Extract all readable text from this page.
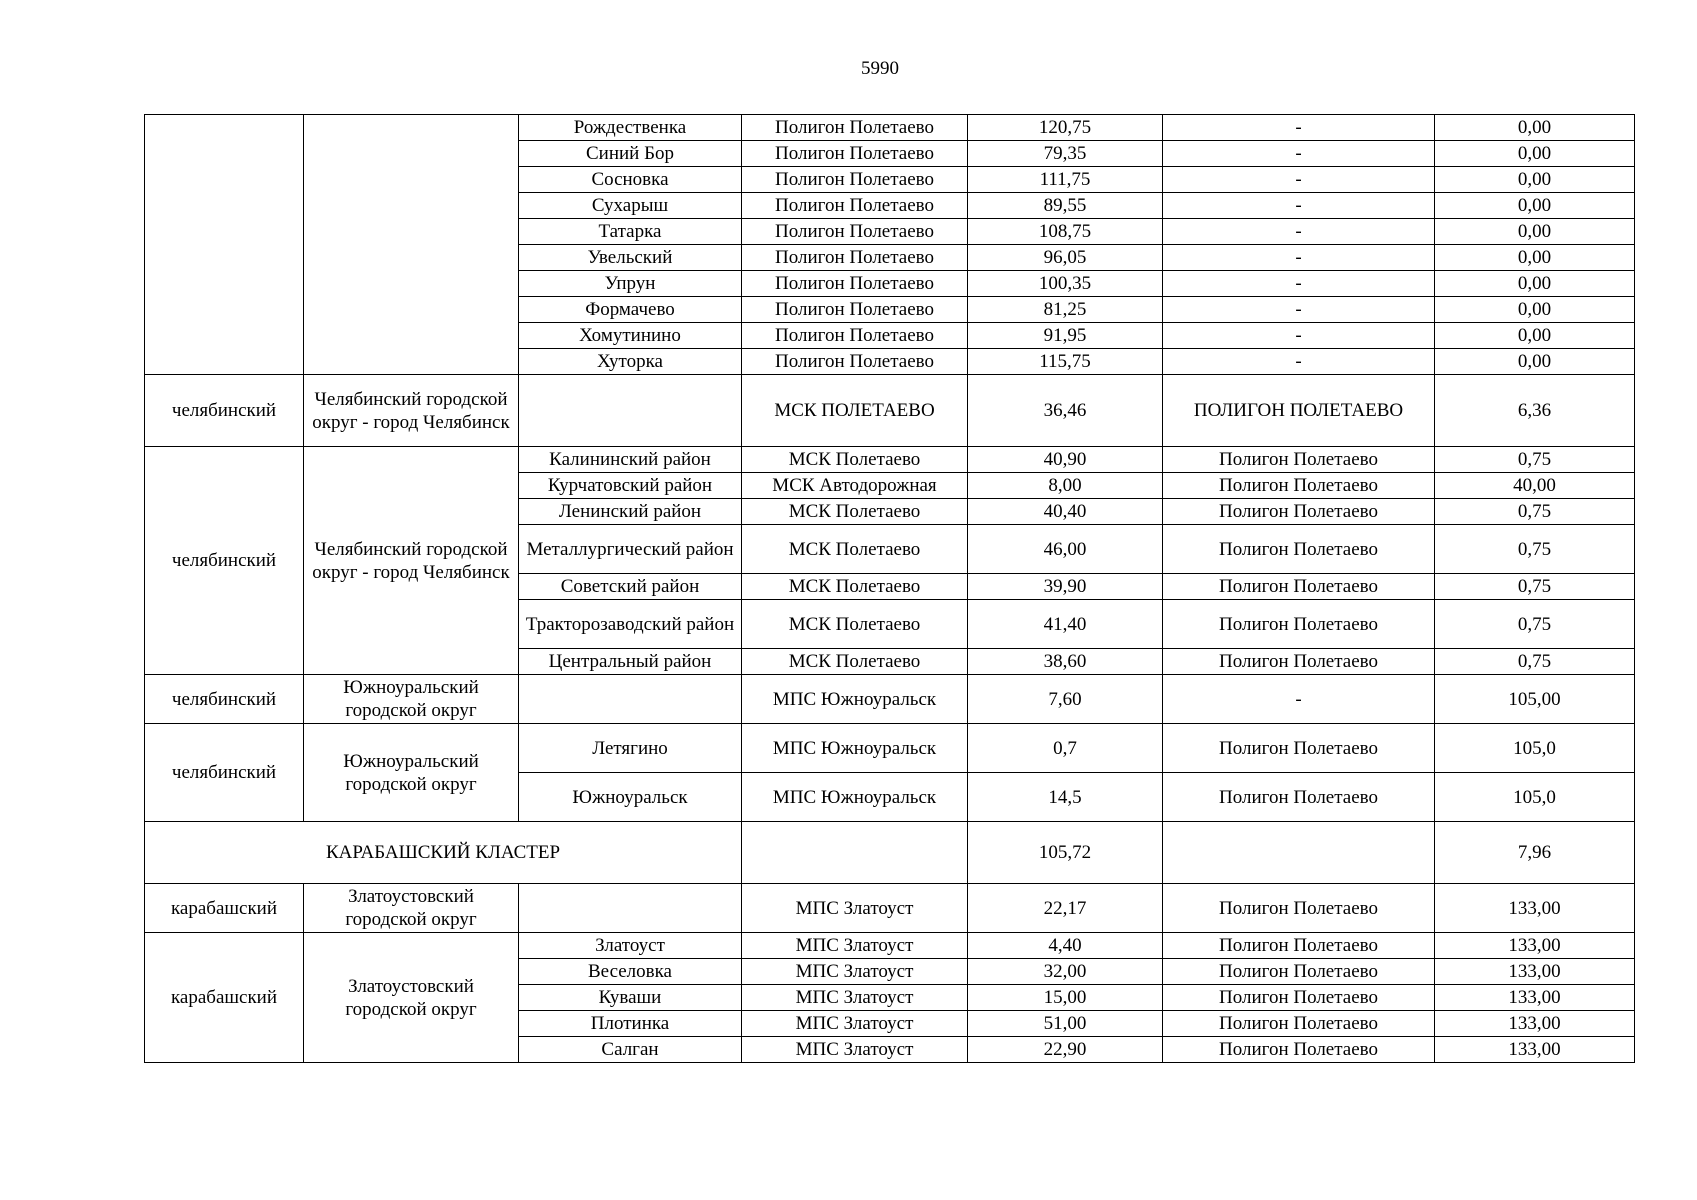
5990
		Рождественка	Полигон Полетаево	120,75	-	0,00
		Синий Бор	Полигон Полетаево	79,35	-	0,00
		Сосновка	Полигон Полетаево	111,75	-	0,00
		Сухарыш	Полигон Полетаево	89,55	-	0,00
		Татарка	Полигон Полетаево	108,75	-	0,00
		Увельский	Полигон Полетаево	96,05	-	0,00
		Упрун	Полигон Полетаево	100,35	-	0,00
		Формачево	Полигон Полетаево	81,25	-	0,00
		Хомутинино	Полигон Полетаево	91,95	-	0,00
		Хуторка	Полигон Полетаево	115,75	-	0,00
челябинский	Челябинский городской округ - город Челябинск		МСК ПОЛЕТАЕВО	36,46	ПОЛИГОН ПОЛЕТАЕВО	6,36
челябинский	Челябинский городской округ - город Челябинск	Калининский район	МСК Полетаево	40,90	Полигон Полетаево	0,75
		Курчатовский район	МСК Автодорожная	8,00	Полигон Полетаево	40,00
		Ленинский район	МСК Полетаево	40,40	Полигон Полетаево	0,75
		Металлургический район	МСК Полетаево	46,00	Полигон Полетаево	0,75
		Советский район	МСК Полетаево	39,90	Полигон Полетаево	0,75
		Тракторозаводский район	МСК Полетаево	41,40	Полигон Полетаево	0,75
		Центральный район	МСК Полетаево	38,60	Полигон Полетаево	0,75
челябинский	Южноуральский городской округ		МПС Южноуральск	7,60	-	105,00
челябинский	Южноуральский городской округ	Летягино	МПС Южноуральск	0,7	Полигон Полетаево	105,0
		Южноуральск	МПС Южноуральск	14,5	Полигон Полетаево	105,0
КАРАБАШСКИЙ КЛАСТЕР				105,72		7,96
карабашский	Златоустовский городской округ		МПС Златоуст	22,17	Полигон Полетаево	133,00
карабашский	Златоустовский городской округ	Златоуст	МПС Златоуст	4,40	Полигон Полетаево	133,00
		Веселовка	МПС Златоуст	32,00	Полигон Полетаево	133,00
		Куваши	МПС Златоуст	15,00	Полигон Полетаево	133,00
		Плотинка	МПС Златоуст	51,00	Полигон Полетаево	133,00
		Салган	МПС Златоуст	22,90	Полигон Полетаево	133,00
